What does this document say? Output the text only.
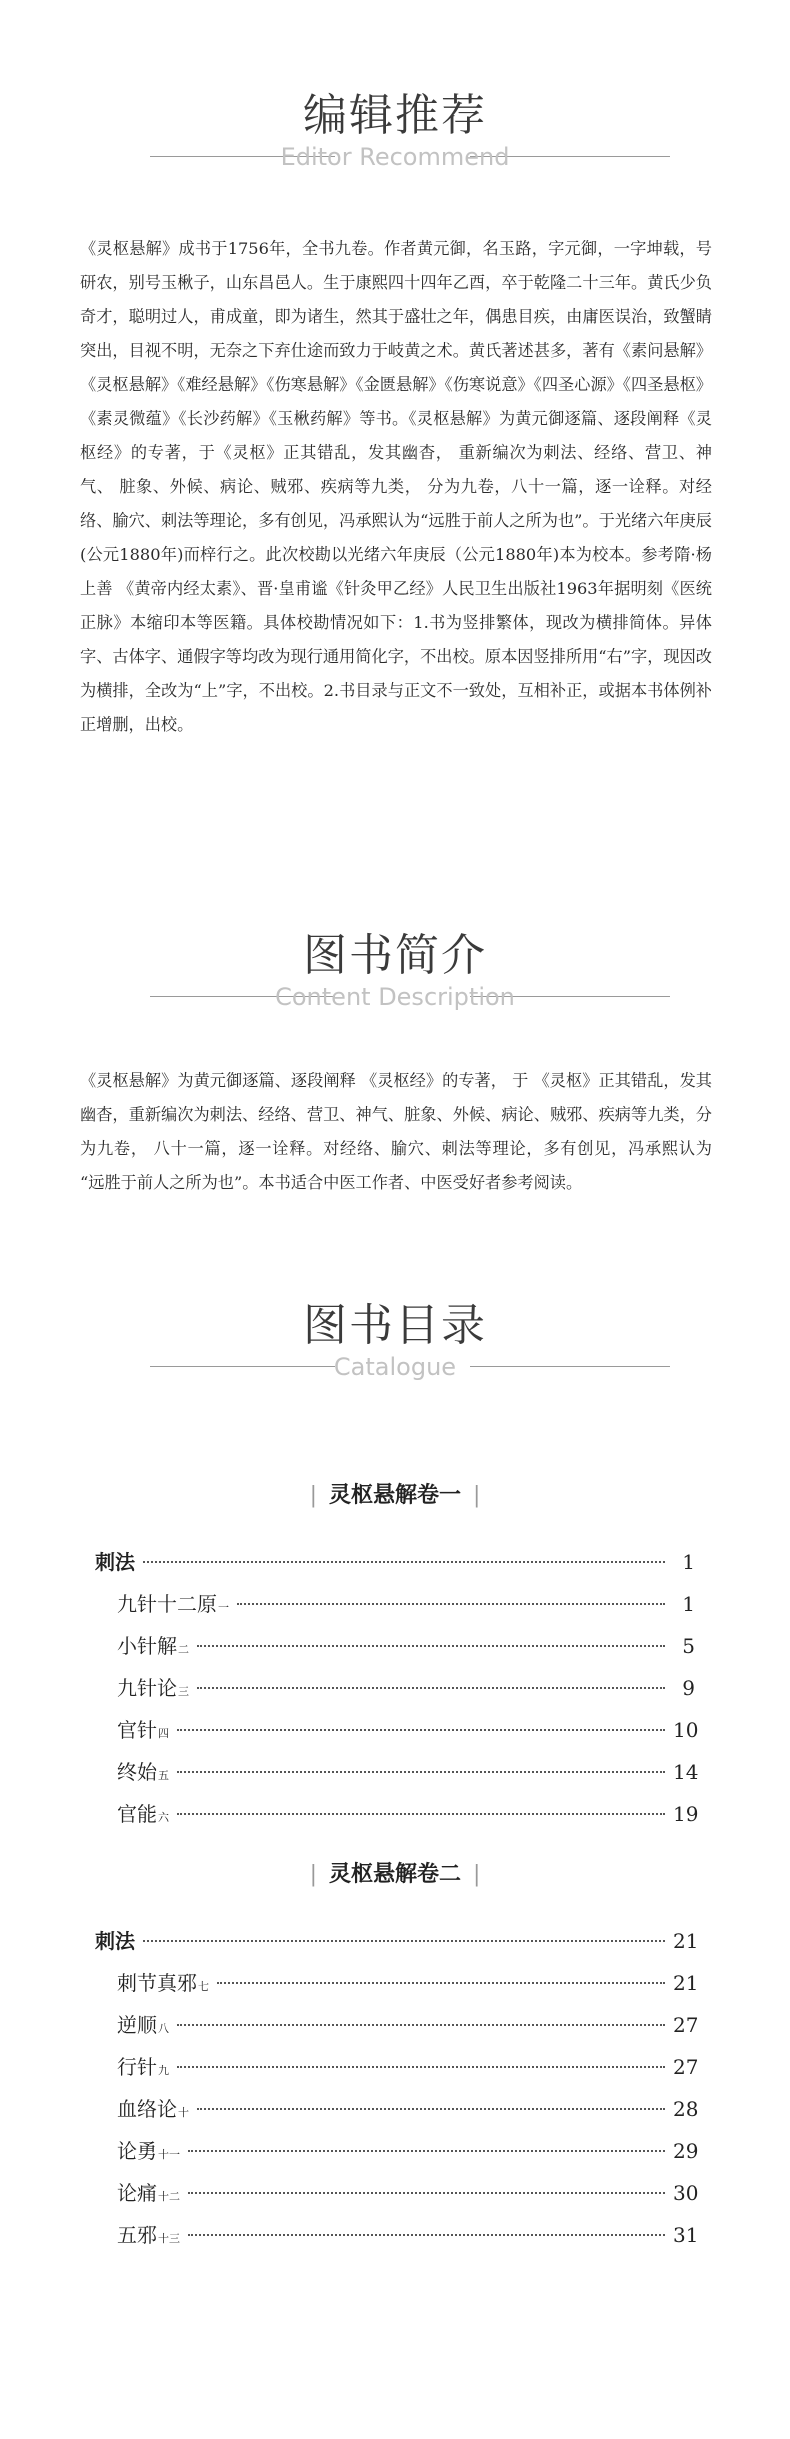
编辑推荐
Editor Recommend

《灵枢悬解》成书于1756年，全书九卷。作者黄元御，名玉路，字元御，一字坤载，号研农，别号玉楸子，山东昌邑人。生于康熙四十四年乙酉，卒于乾隆二十三年。黄氏少负奇才，聪明过人，甫成童，即为诸生，然其于盛壮之年，偶患目疾，由庸医误治，致蟹睛突出，目视不明，无奈之下弃仕途而致力于岐黄之术。黄氏著述甚多，著有《素问悬解》《灵枢悬解》《难经悬解》《伤寒悬解》《金匮悬解》《伤寒说意》《四圣心源》《四圣悬枢》《素灵微蕴》《长沙药解》《玉楸药解》等书。《灵枢悬解》为黄元御逐篇、逐段阐释《灵枢经》的专著，于《灵枢》正其错乱，发其幽杳， 重新编次为刺法、经络、营卫、神气、 脏象、外候、病论、贼邪、疾病等九类， 分为九卷，八十一篇，逐一诠释。对经络、腧穴、刺法等理论，多有创见，冯承熙认为“远胜于前人之所为也”。于光绪六年庚辰(公元1880年)而梓行之。此次校勘以光绪六年庚辰（公元1880年)本为校本。参考隋·杨上善 《黄帝内经太素》、晋·皇甫谧《针灸甲乙经》人民卫生出版社1963年据明刻《医统正脉》本缩印本等医籍。具体校勘情况如下：1.书为竖排繁体，现改为横排简体。异体字、古体字、通假字等均改为现行通用简化字，不出校。原本因竖排所用“右”字，现因改为横排，全改为“上”字，不出校。2.书目录与正文不一致处，互相补正，或据本书体例补正增删，出校。

图书简介
Content Description

《灵枢悬解》为黄元御逐篇、逐段阐释 《灵枢经》的专著， 于 《灵枢》正其错乱，发其幽杳，重新编次为刺法、经络、营卫、神气、脏象、外候、病论、贼邪、疾病等九类，分为九卷， 八十一篇，逐一诠释。对经络、腧穴、刺法等理论，多有创见，冯承熙认为 “远胜于前人之所为也”。本书适合中医工作者、中医受好者参考阅读。

图书目录
Catalogue
| 灵枢悬解卷一 |
刺法	1
九针十二原一	1
小针解二	5
九针论三	9
官针四	10
终始五	14
官能六	19
| 灵枢悬解卷二 |
刺法	21
刺节真邪七	21
逆顺八	27
行针九	27
血络论十	28
论勇十一	29
论痛十二	30
五邪十三	31
